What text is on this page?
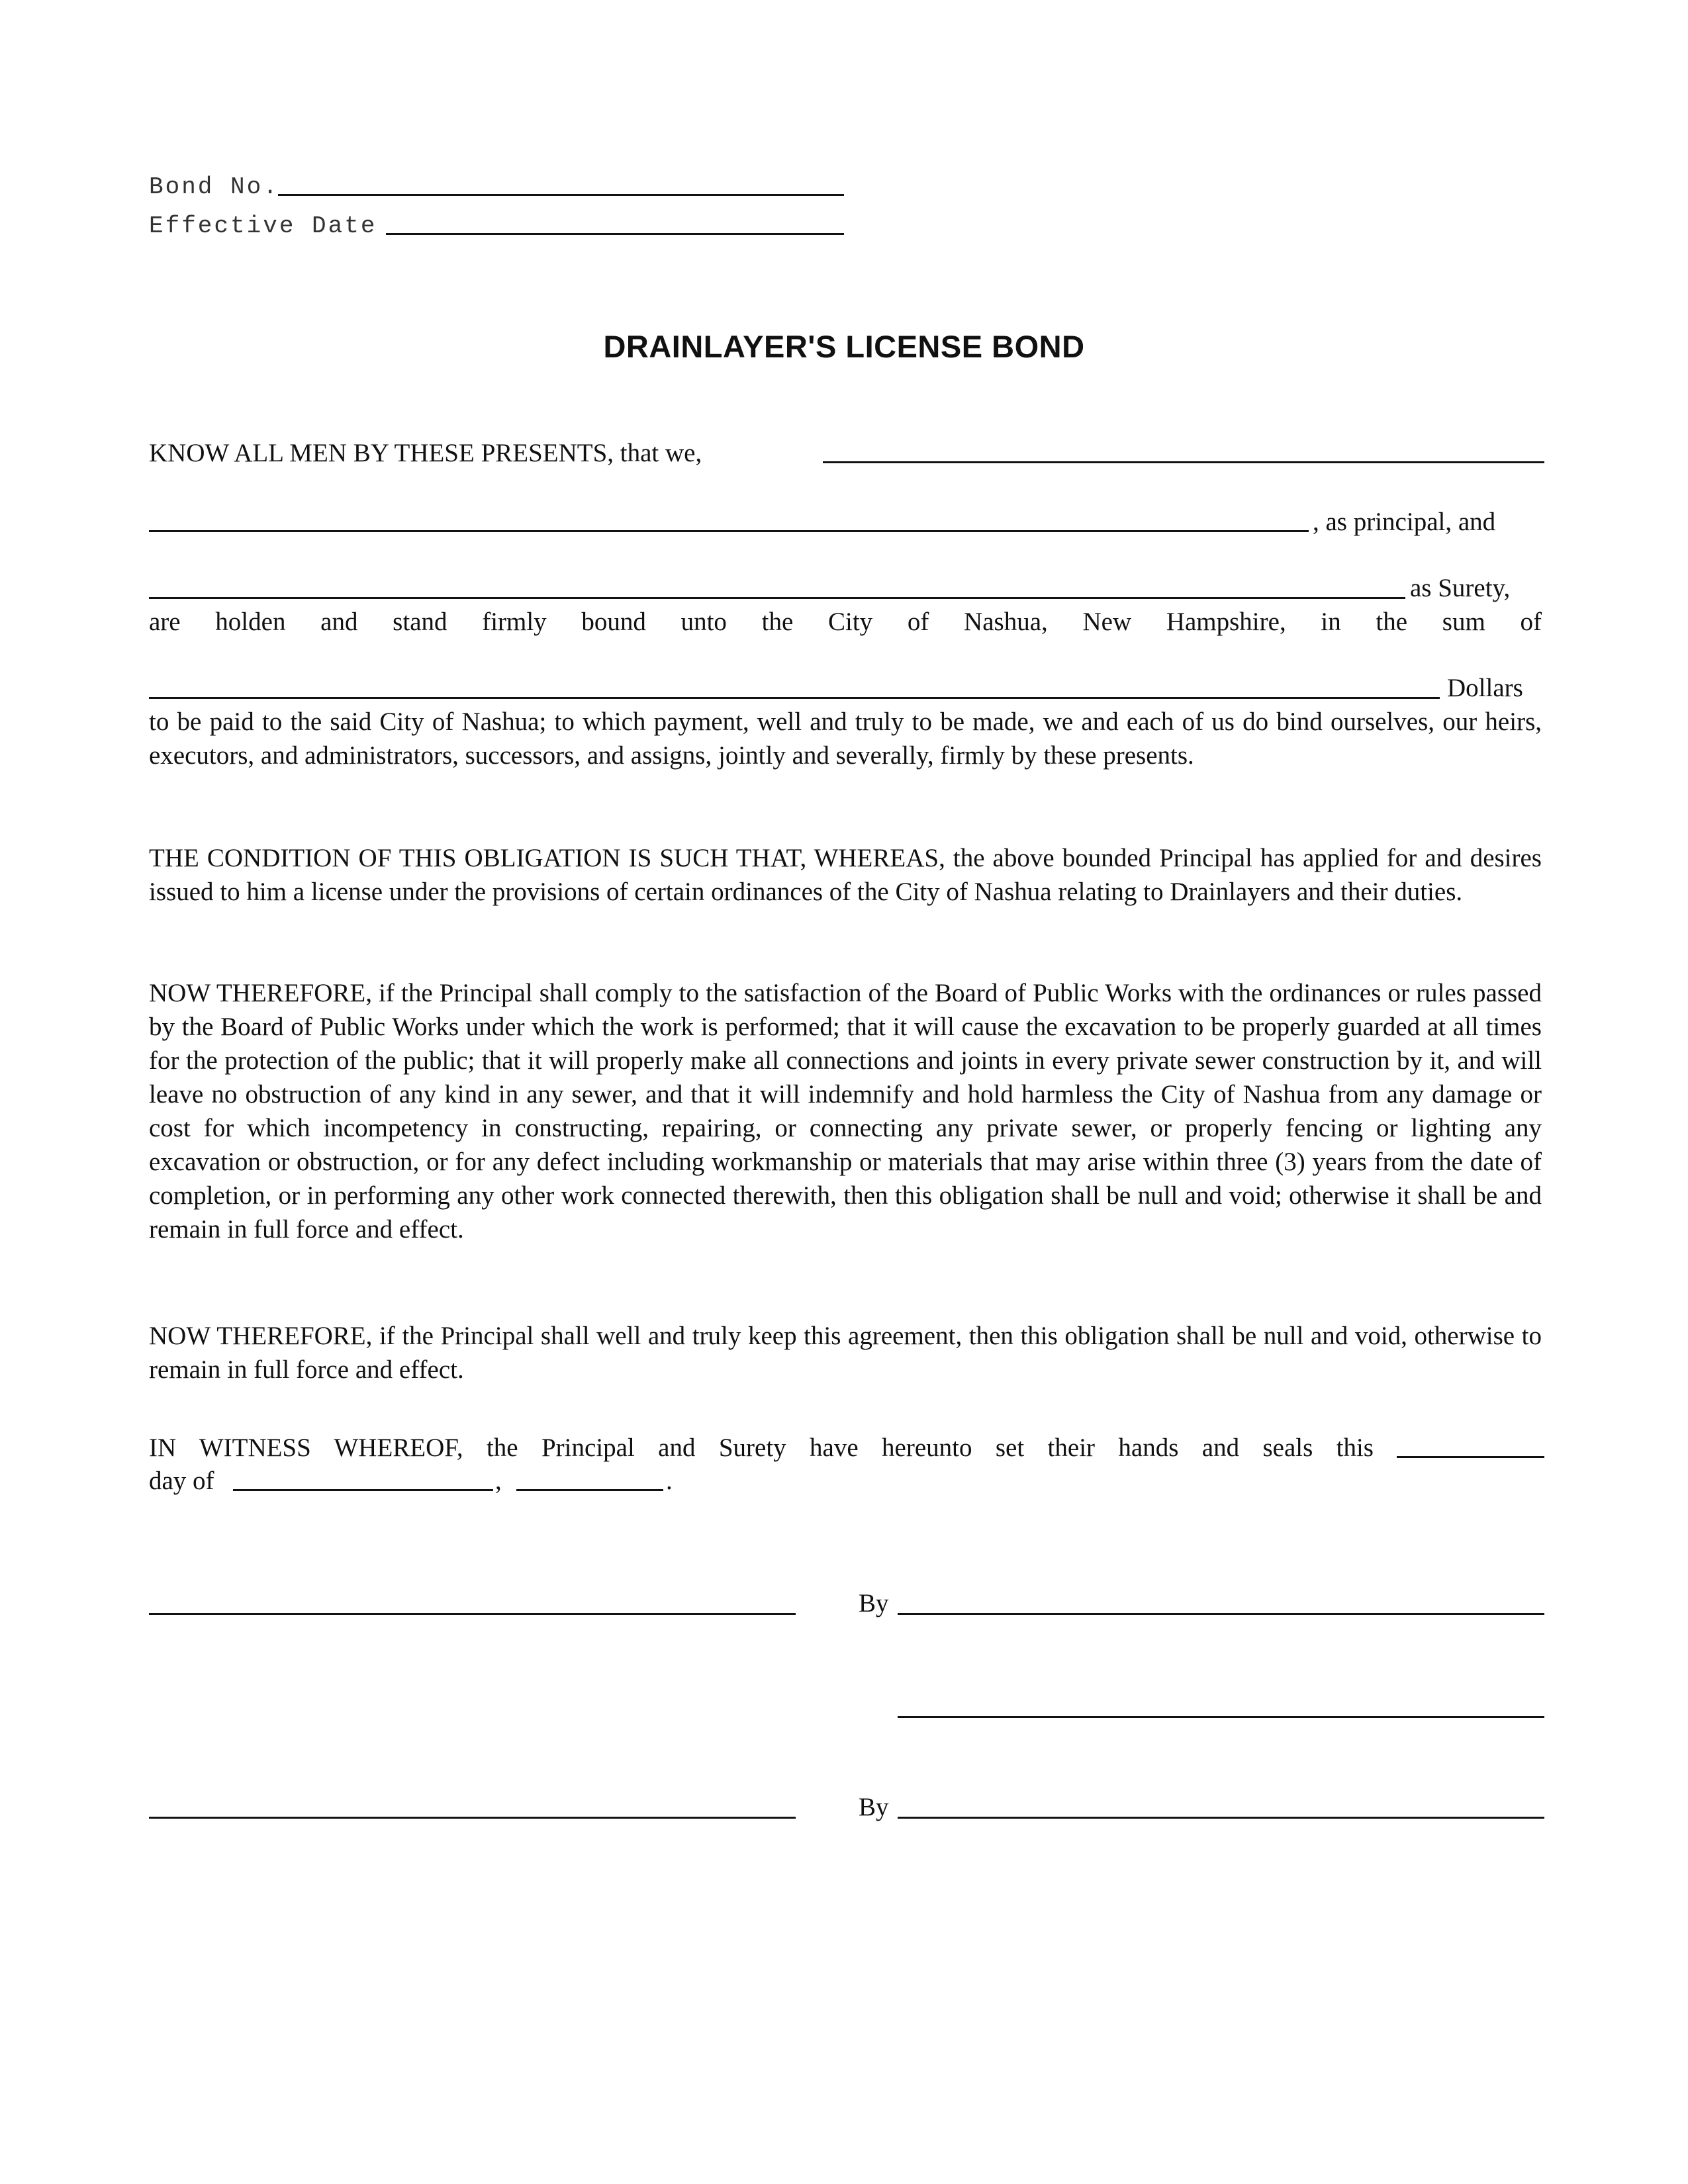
Bond No.
Effective Date
DRAINLAYER'S LICENSE BOND
KNOW ALL MEN BY THESE PRESENTS, that we,
, as principal, and
as Surety,
are holden and stand firmly bound unto the City of Nashua, New Hampshire, in the sum of
Dollars
to be paid to the said City of Nashua; to which payment, well and truly to be made, we and each of us do bind ourselves, our heirs, executors, and administrators, successors, and assigns, jointly and severally, firmly by these presents.
THE CONDITION OF THIS OBLIGATION IS SUCH THAT, WHEREAS, the above bounded Principal has applied for and desires issued to him a license under the provisions of certain ordinances of the City of Nashua relating to Drainlayers and their duties.
NOW THEREFORE, if the Principal shall comply to the satisfaction of the Board of Public Works with the ordinances or rules passed by the Board of Public Works under which the work is performed; that it will cause the excavation to be properly guarded at all times for the protection of the public; that it will properly make all connections and joints in every private sewer construction by it, and will leave no obstruction of any kind in any sewer, and that it will indemnify and hold harmless the City of Nashua from any damage or cost for which incompetency in constructing, repairing, or connecting any private sewer, or properly fencing or lighting any excavation or obstruction, or for any defect including workmanship or materials that may arise within three (3) years from the date of completion, or in performing any other work connected therewith, then this obligation shall be null and void; otherwise it shall be and remain in full force and effect.
NOW THEREFORE, if the Principal shall well and truly keep this agreement, then this obligation shall be null and void, otherwise to remain in full force and effect.
IN WITNESS WHEREOF, the Principal and Surety have hereunto set their hands and seals this
day of	,	.
By
By
